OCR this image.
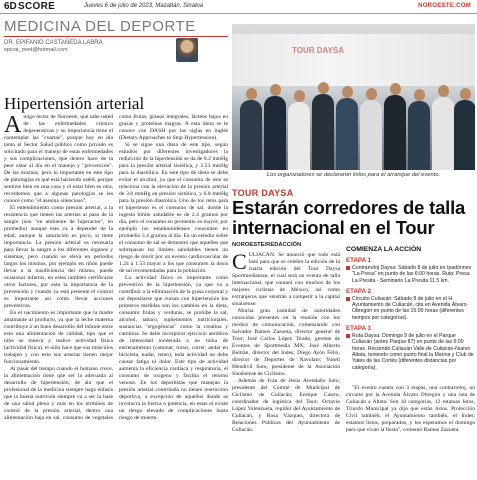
6D SCORE	Jueves 6 de julio de 2023, Mazatlán, Sinaloa	NOROESTE.COM
MEDICINA DEL DEPORTE
DR. EPIFANIO CASTAÑEDA LABRA
epicat_med@hotmail.com
Hipertensión arterial

Amigo lector de Noroeste, qué sabe usted de las enfermedades crónico degenerativas y su importancia tiene el contemplar las "cuartas", porque hoy en día tanto el Sector Salud público como privado es solicitado para el manejo de estas enfermedades y sus complicaciones, que dentro hace de la peor estar al día en el manejo y "prevención". De las mismas, pero lo importante en este tipo de patologías es qué está haciendo usted, porque sentirse bien en una cosa y el estar bien es otra, recordemos que a algunas patologías se les conoce como "el asesino silencioso".

El entendimiento como presión arterial, a la resistencia que tienen las arterias al paso de la sangre (son "en ambiente de hiperactor", en promedio) aunque esto va a depender de la edad, aunque la saturación es poco, si tiene importancia. La presión arterial es necesaria para llevar la sangre a los diferentes órganos y sistemas, pero cuando se eleva en periodos largos los mismos, por ejemplo en riñón puede llevar a la insuficiencia del mismo, puede ocasionar infartos, en estos también certificarse otros factores, por esto la importancia de la prevención y cuando ya está presente el control es importante así como llevar acciones preventivas.

En el nacimiento es importante que la madre amamante al producto, ya que la leche materna contribuye a un buen desarrollo del infante entre esto una alimentación de calidad, tipo que el niño se mueva y realice actividad física (actividad física), el niño hace que sus músculos trabajen y con esto sus arterias tienen mejor funcionamiento.

Al pasar del tiempo cuando el humano crece, la alimentación tiene que ser la adecuada al desarrollo de hipertensión, de ahí que el profesional de la medicina siempre haga énfasis que la buena nutrición siempre va a ser la base de una salud plena y más en los términos de control de la presión arterial, dentro una alimentación baja en sal, consumo de vegetales como frutas, granos integrales, lácteos bajos en grasas y proteínas magras. A esta dieta se le conoce con DASH por las siglas en inglés (Dietary Approaches to Stop Hypertension).

Si se sigue una dieta de este tipo, según estudios por diferentes investigadores la reducción de la hipertensión se da de 8.2 mmHg para la presión arterial sistólica, y 2.53 mmHg para la diastólica. En este tipo de dieta se debe evitar el alcohol, ya que el consumo de este se relaciona con la elevación de la presión arterial de 3.8 mmHg en presión sistólica, y 0.8 mmHg para la presión diastólica. Uno de los retos para el hipertenso es el consumo de sal, donde la ingesta límite saludable es de 2.4 gramos por día, pero el consumo en promedio es mayor, por ejemplo los estadounidenses consumen en promedio 3.4 gramos al día. En un estudio sobre el consumo de sal se demostró que aquellos que sobrepasan los límites saludables tienen un riesgo de morir por un evento cardiovascular de 1.24 a 1.53 mayor a los que consumen la dosis de sal recomendadas para la población.

La actividad física es importante como preventivo de la hipertensión, ya que va a contribuir a la eliminación de la grasa corporal y no depositarse que cursan con hipertensión los primeros medidas son los cambios en la dieta, consumir frutas y verduras, se prohíbe la sal, alcohol, tabaco, suplementos nutricionales, sustancias "ergogénicas" como la creatina y carnitina. Se debe incorporar ejercicio aeróbico de intensidad moderada a no ruina de entrenamiento (caminar, trotar, correr, andar en bicicleta, nadar, remo), toda actividad no debe causar fatiga ni dolor. Este tipo de actividad aumenta la eficiencia cardíaca y respiratoria, el consumo de oxígeno y facilita el retorno venoso. En los deportistas que manejan la presión arterial controlada no tienen restricción deportiva, a excepción de aquellos donde se involucra la fuerza o potencia, en estas el existe un riesgo elevado de complicaciones hasta riesgo de muerte.

TOUR DAYSA
Los organizadores se declararon listos para el arranque del evento.
TOUR DAYSA
Estarán corredores de talla internacional en el Tour
NOROESTE/REDACCIÓN

CULIACÁN. Se anunció que todo está listo para que se celebre la edición de la cuarta edición del Tour Daysa Sportmediaman, el cual será un evento de talla internacional, que contará con muchos de los mejores ciclistas de México, así como extranjeros que vendrán a competir a la capital sinaloense.

Mucha gran cantidad de autoridades conocidas presentes en la reunión con los medios de comunicación, comenzando con Salvador Ramos Zazueta, director general de Tour; José Carlos López Tirado, gerente de Eventos de Sportmedia MX; José Alberto Beltrán, director del Indes; Diego Ayón Félix, director de Deportes de Navolato; Yusell Mendivil Soto, presidente de la Asociación Sinaloense de Ciclismo.

Además de Iván de Jesús Avendaño Soto, presidente del Comité de Municipal de Ciclismo de Culiacán; Enrique Castro, coordinador de logística del Tour; Octavio López Valenzuela, regidor del Ayuntamiento de Culiacán, y Rosa Vázquez, directora de Relaciones Públicas del Ayuntamiento de Culiacán.

COMIENZA LA ACCIÓN
ETAPA 1
Contrarreloj Daysa: Sábado 8 de julio en Ipadónnes "La Presa" en punto de las 6:00 horas. Ruta: Presa La Presita - Seminario La Presita 11.5 km.
ETAPA 2
Circuito Culiacán: Sábado 8 de julio en el H. Ayuntamiento de Culiacán, cita en Avenida Álvaro Obregón en punto de las 15:00 horas (diferentes tiempos por categorías).
ETAPA 3
Ruta Daysa: Domingo 9 de julio en el Parque Culiacán (antes Parque 87) en punto de las 6:00 horas. Recorrido Culiacán Valle de Culiacán-Nuevo Altata, teniendo como punto final la Marina y Club de Yates de las Cortés (diferentes distancias por categoría).
"El evento cuenta con 3 etapas, una contrarreloj, un circuito por la Avenida Álvaro Obregón y una ruta de Culiacán a Altata. Son 10 categorías, 12 estatuas fotos, Triunfo Municipal ya dijo que están listos. Protección Civil también, el Ayuntamiento también, el Indes; estamos listos, preparados, y los esperamos el domingo para que vivan la fiesta", comentó Ramos Zazueta.
